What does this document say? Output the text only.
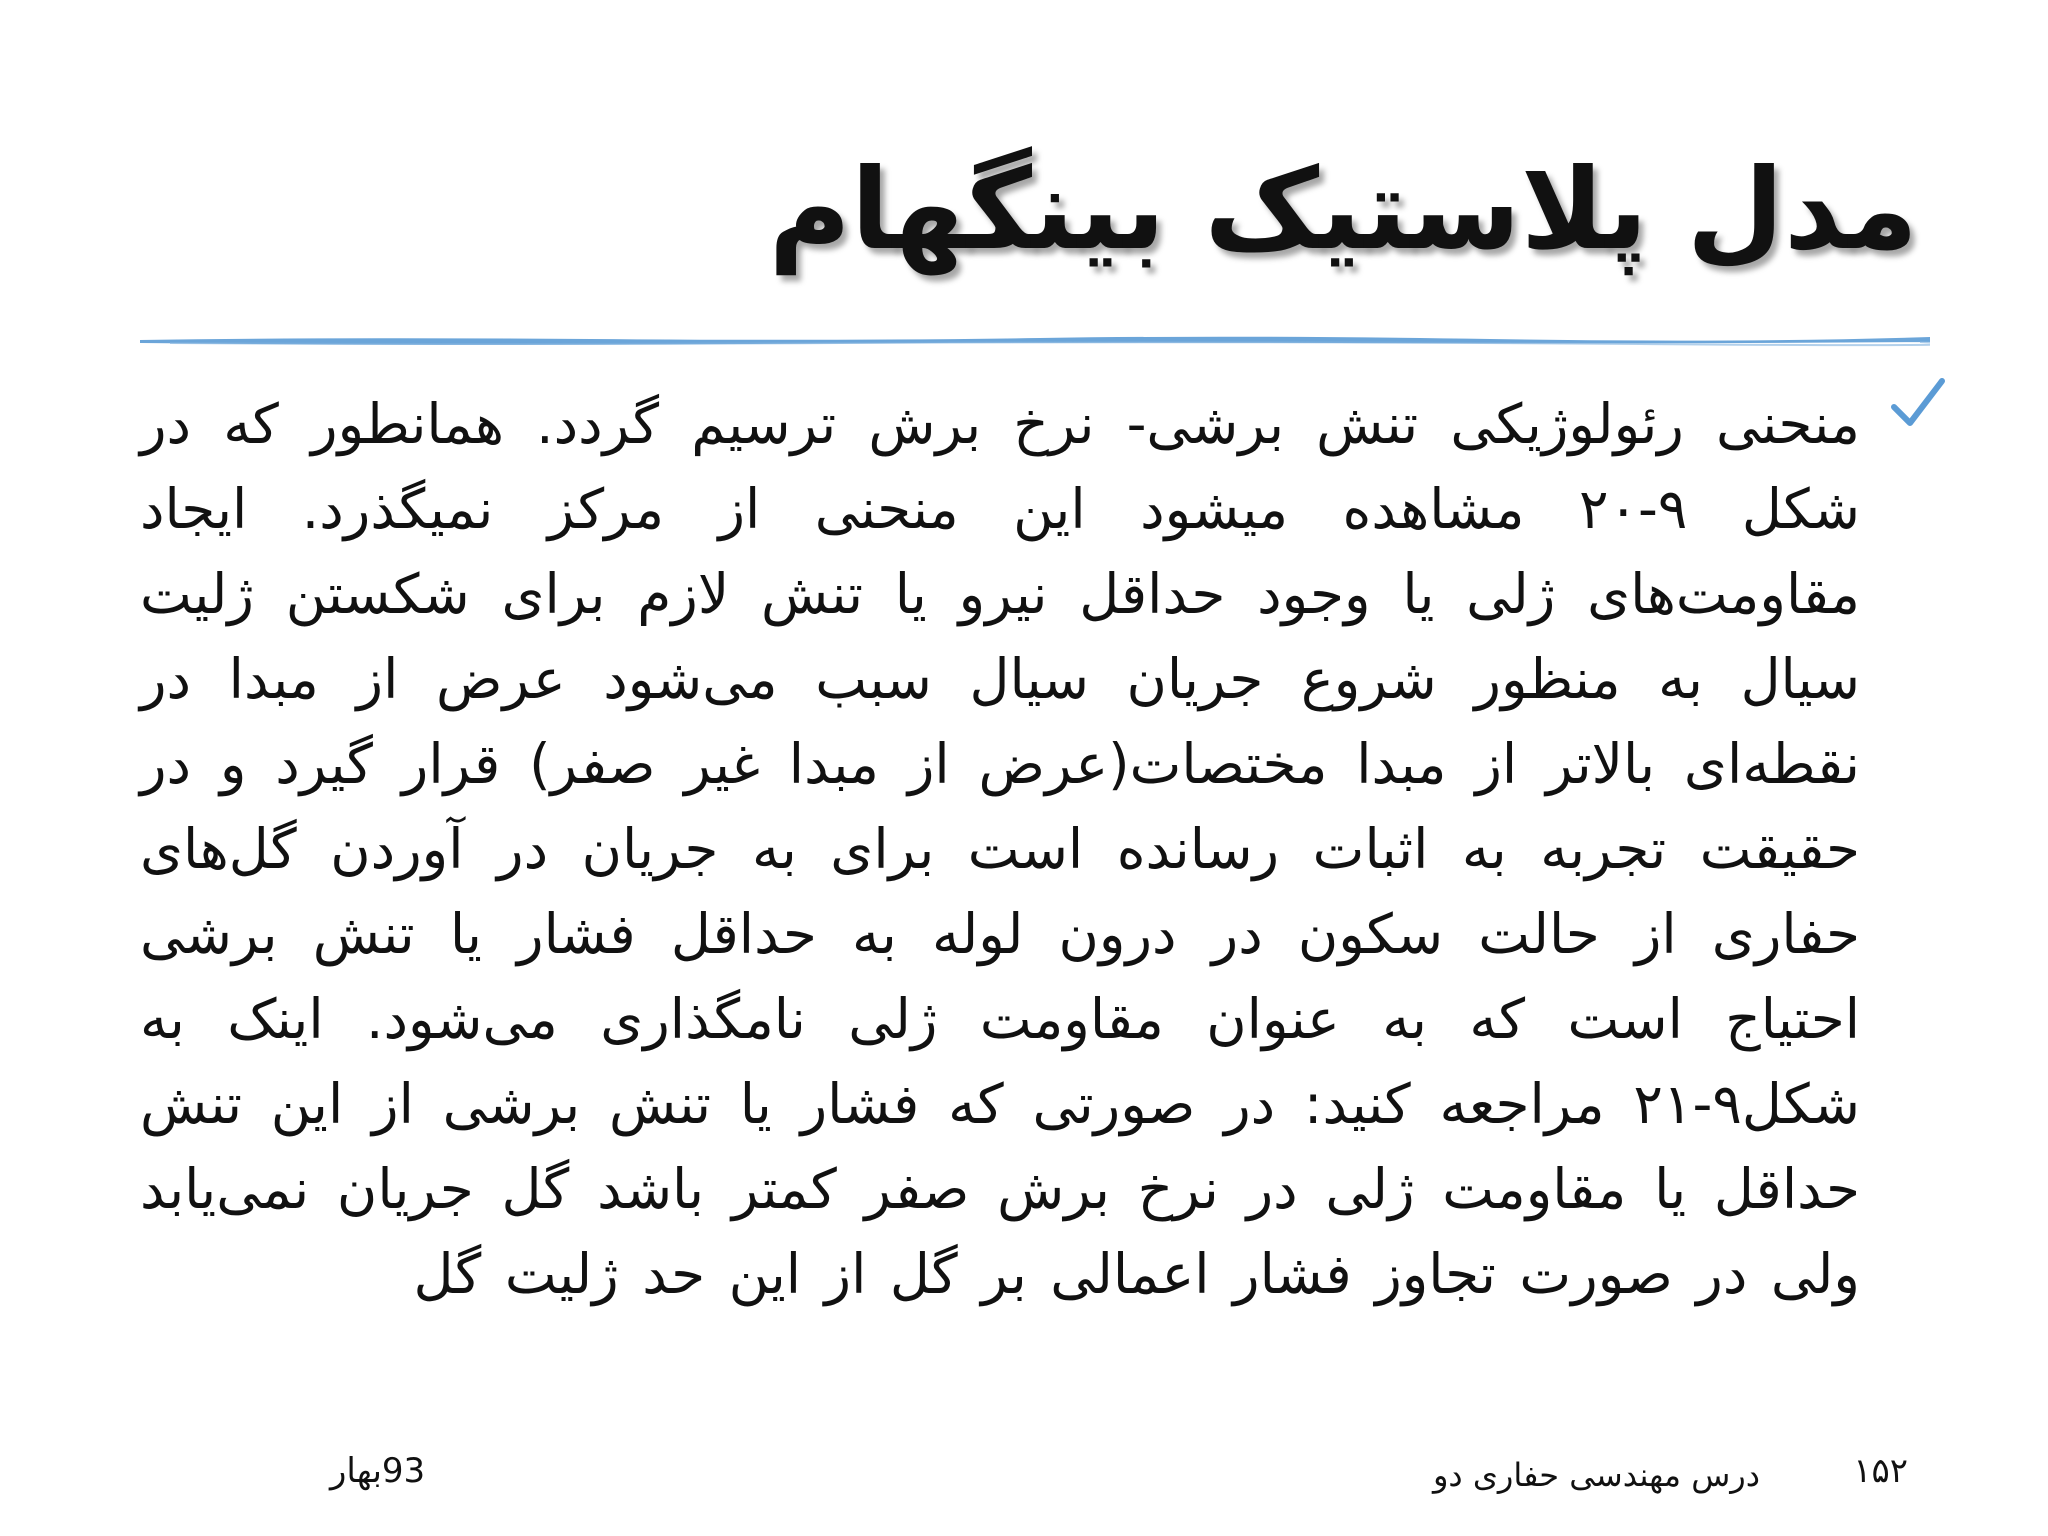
مدل پلاستیک بینگهام
منحنی رئولوژیکی تنش برشی- نرخ برش ترسیم گردد. همانطور که در شکل ۹-۲۰ مشاهده میشود این منحنی از مرکز نمیگذرد. ایجاد مقاومت‌های ژلی یا وجود حداقل نیرو یا تنش لازم برای شکستن ژلیت سیال به منظور شروع جریان سیال سبب می‌شود عرض از مبدا در نقطه‌ای بالاتر از مبدا مختصات(عرض از مبدا غیر صفر) قرار گیرد و در حقیقت تجربه به اثبات رسانده است برای به جریان در آوردن گل‌های حفاری از حالت سکون در درون لوله به حداقل فشار یا تنش برشی احتیاج است که به عنوان مقاومت ژلی نامگذاری می‌شود. اینک به شکل۹-۲۱ مراجعه کنید: در صورتی که فشار یا تنش برشی از این تنش حداقل یا مقاومت ژلی در نرخ برش صفر کمتر باشد گل جریان نمی‌یابد ولی در صورت تجاوز فشار اعمالی بر گل از این حد ژلیت گل
93بهار	درس مهندسی حفاری دو	۱۵۲
